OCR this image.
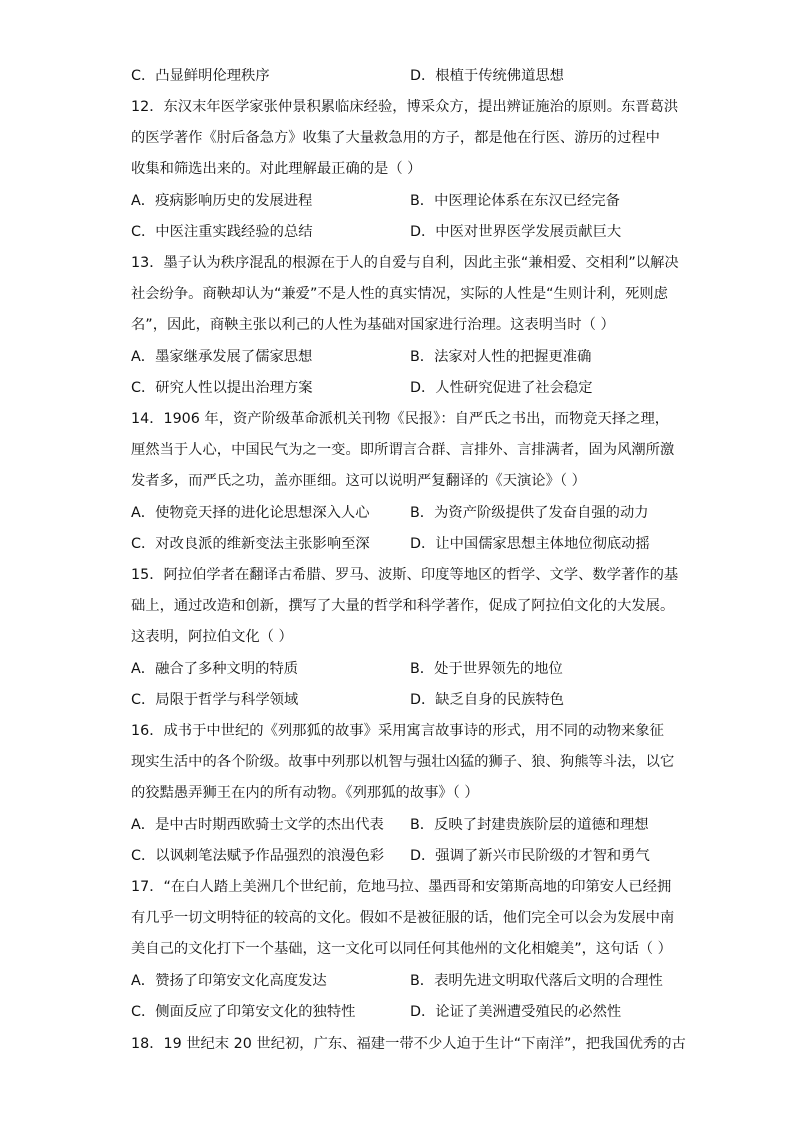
C．凸显鲜明伦理秩序	D．根植于传统佛道思想
12．东汉末年医学家张仲景积累临床经验，博采众方，提出辨证施治的原则。东晋葛洪
的医学著作《肘后备急方》收集了大量救急用的方子，都是他在行医、游历的过程中
收集和筛选出来的。对此理解最正确的是（ ）
A．疫病影响历史的发展进程	B．中医理论体系在东汉已经完备
C．中医注重实践经验的总结	D．中医对世界医学发展贡献巨大
13．墨子认为秩序混乱的根源在于人的自爱与自利，因此主张“兼相爱、交相利”以解决
社会纷争。商鞅却认为“兼爱”不是人性的真实情况，实际的人性是“生则计利，死则虑
名”，因此，商鞅主张以利己的人性为基础对国家进行治理。这表明当时（ ）
A．墨家继承发展了儒家思想	B．法家对人性的把握更准确
C．研究人性以提出治理方案	D．人性研究促进了社会稳定
14．1906 年，资产阶级革命派机关刊物《民报》：自严氏之书出，而物竞天择之理，
厘然当于人心，中国民气为之一变。即所谓言合群、言排外、言排满者，固为风潮所激
发者多，而严氏之功，盖亦匪细。这可以说明严复翻译的《天演论》（ ）
A．使物竞天择的进化论思想深入人心	B．为资产阶级提供了发奋自强的动力
C．对改良派的维新变法主张影响至深	D．让中国儒家思想主体地位彻底动摇
15．阿拉伯学者在翻译古希腊、罗马、波斯、印度等地区的哲学、文学、数学著作的基
础上，通过改造和创新，撰写了大量的哲学和科学著作，促成了阿拉伯文化的大发展。
这表明，阿拉伯文化（ ）
A．融合了多种文明的特质	B．处于世界领先的地位
C．局限于哲学与科学领域	D．缺乏自身的民族特色
16．成书于中世纪的《列那狐的故事》采用寓言故事诗的形式，用不同的动物来象征
现实生活中的各个阶级。故事中列那以机智与强壮凶猛的狮子、狼、狗熊等斗法，以它
的狡黠愚弄狮王在内的所有动物。《列那狐的故事》（ ）
A．是中古时期西欧骑士文学的杰出代表 B．反映了封建贵族阶层的道德和理想
C．以讽刺笔法赋予作品强烈的浪漫色彩 D．强调了新兴市民阶级的才智和勇气
17．“在白人踏上美洲几个世纪前，危地马拉、墨西哥和安第斯高地的印第安人已经拥
有几乎一切文明特征的较高的文化。假如不是被征服的话，他们完全可以会为发展中南
美自己的文化打下一个基础，这一文化可以同任何其他州的文化相媲美”，这句话（ ）
A．赞扬了印第安文化高度发达	B．表明先进文明取代落后文明的合理性
C．侧面反应了印第安文化的独特性	D．论证了美洲遭受殖民的必然性
18．19 世纪末 20 世纪初，广东、福建一带不少人迫于生计“下南洋”，把我国优秀的古
